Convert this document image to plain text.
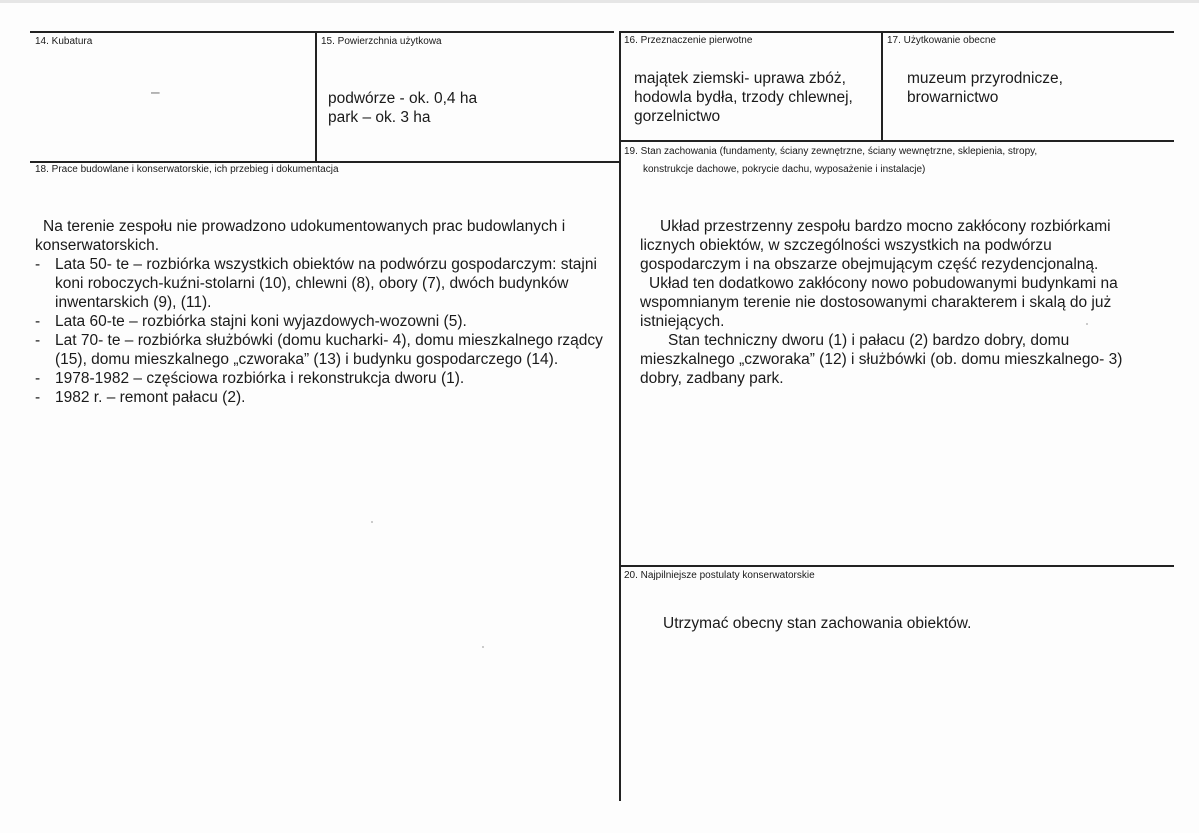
14. Kubatura
–
15. Powierzchnia użytkowa
podwórze - ok. 0,4 ha
park – ok. 3 ha
16. Przeznaczenie pierwotne
majątek ziemski- uprawa zbóż,
hodowla bydła, trzody chlewnej,
gorzelnictwo
17. Użytkowanie obecne
muzeum przyrodnicze,
browarnictwo
18. Prace budowlane i konserwatorskie, ich przebieg i dokumentacja

Na terenie zespołu nie prowadzono udokumentowanych prac budowlanych i konserwatorskich.

- Lata 50- te – rozbiórka wszystkich obiektów na podwórzu gospodarczym: stajni koni roboczych-kuźni-stolarni (10), chlewni (8), obory (7), dwóch budynków inwentarskich (9), (11).
- Lata 60-te – rozbiórka stajni koni wyjazdowych-wozowni (5).
- Lat 70- te – rozbiórka służbówki (domu kucharki- 4), domu mieszkalnego rządcy (15), domu mieszkalnego „czworaka” (13) i budynku gospodarczego (14).
- 1978-1982 – częściowa rozbiórka i rekonstrukcja dworu (1).
- 1982 r. – remont pałacu (2).
19. Stan zachowania (fundamenty, ściany zewnętrzne, ściany wewnętrzne, sklepienia, stropy,
konstrukcje dachowe, pokrycie dachu, wyposażenie i instalacje)

Układ przestrzenny zespołu bardzo mocno zakłócony rozbiórkami licznych obiektów, w szczególności wszystkich na podwórzu gospodarczym i na obszarze obejmującym część rezydencjonalną.

Układ ten dodatkowo zakłócony nowo pobudowanymi budynkami na wspomnianym terenie nie dostosowanymi charakterem i skalą do już istniejących.

Stan techniczny dworu (1) i pałacu (2) bardzo dobry, domu mieszkalnego „czworaka” (12) i służbówki (ob. domu mieszkalnego- 3) dobry, zadbany park.

20. Najpilniejsze postulaty konserwatorskie
Utrzymać obecny stan zachowania obiektów.
